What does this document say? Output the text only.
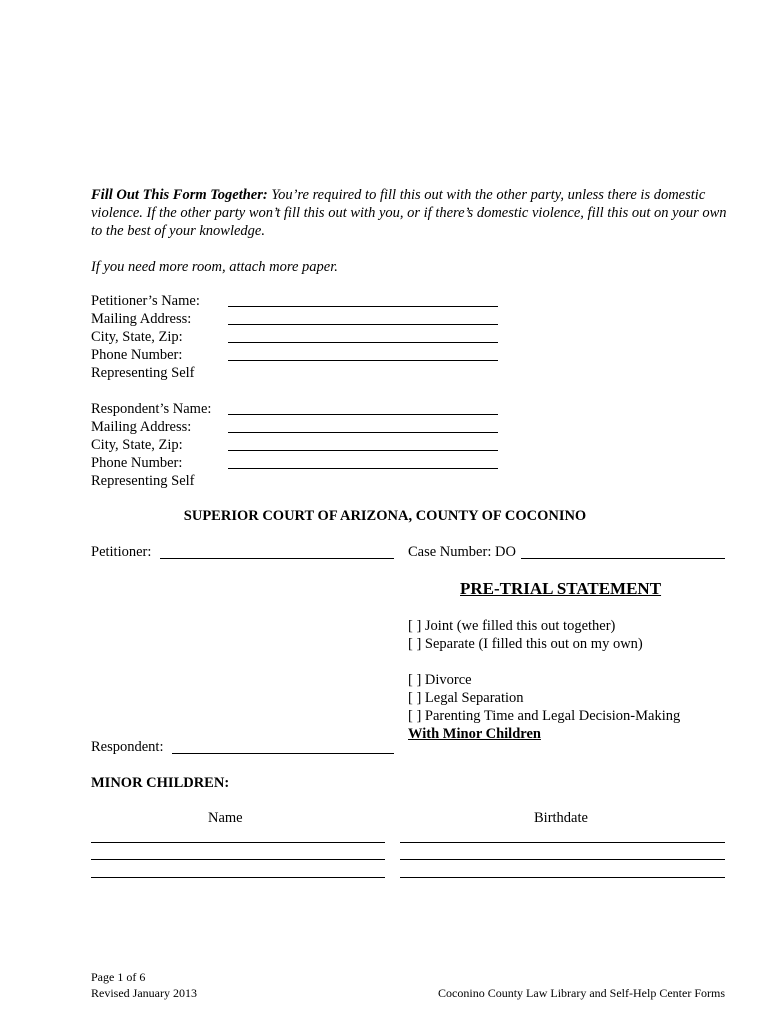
Fill Out This Form Together: You’re required to fill this out with the other party, unless there is domestic violence. If the other party won’t fill this out with you, or if there’s domestic violence, fill this out on your own to the best of your knowledge.
If you need more room, attach more paper.
Petitioner’s Name:
Mailing Address:
City, State, Zip:
Phone Number:
Representing Self
Respondent’s Name:
Mailing Address:
City, State, Zip:
Phone Number:
Representing Self
SUPERIOR COURT OF ARIZONA, COUNTY OF COCONINO
Petitioner:	Case Number: DO
PRE-TRIAL STATEMENT
[ ] Joint (we filled this out together)
[ ] Separate (I filled this out on my own)
[ ] Divorce
[ ] Legal Separation
[ ] Parenting Time and Legal Decision-Making
With Minor Children
Respondent:
MINOR CHILDREN:
Name	Birthdate
Page 1 of 6
Revised January 2013	Coconino County Law Library and Self-Help Center Forms
